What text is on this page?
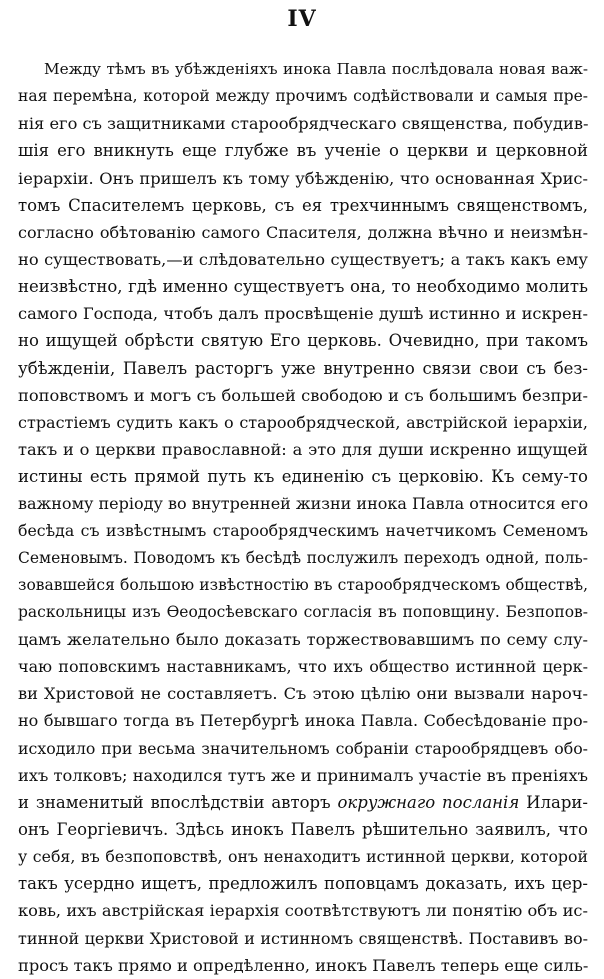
IV
Между тѣмъ въ убѣжденіяхъ инока Павла послѣдовала новая важ-
ная перемѣна, которой между прочимъ содѣйствовали и самыя пре-
нія его съ защитниками старообрядческаго священства, побудив-
шія его вникнуть еще глубже въ ученіе о церкви и церковной
іерархіи. Онъ пришелъ къ тому убѣжденію, что основанная Хрис-
томъ Спасителемъ церковь, съ ея трехчиннымъ священствомъ,
согласно обѣтованію самого Спасителя, должна вѣчно и неизмѣн-
но существовать,—и слѣдовательно существуетъ; а такъ какъ ему
неизвѣстно, гдѣ именно существуетъ она, то необходимо молить
самого Господа, чтобъ далъ просвѣщеніе душѣ истинно и искрен-
но ищущей обрѣсти святую Его церковь. Очевидно, при такомъ
убѣжденіи, Павелъ расторгъ уже внутренно связи свои съ без-
поповствомъ и могъ съ большей свободою и съ большимъ безпри-
страстіемъ судить какъ о старообрядческой, австрійской іерархіи,
такъ и о церкви православной: а это для души искренно ищущей
истины есть прямой путь къ единенію съ церковію. Къ сему-то
важному періоду во внутренней жизни инока Павла относится его
бесѣда съ извѣстнымъ старообрядческимъ начетчикомъ Семеномъ
Семеновымъ. Поводомъ къ бесѣдѣ послужилъ переходъ одной, поль-
зовавшейся большою извѣстностію въ старообрядческомъ обществѣ,
раскольницы изъ Ѳеодосѣевскаго согласія въ поповщину. Безпопов-
цамъ желательно было доказать торжествовавшимъ по сему слу-
чаю поповскимъ наставникамъ, что ихъ общество истинной церк-
ви Христовой не составляетъ. Съ этою цѣлію они вызвали нароч-
но бывшаго тогда въ Петербургѣ инока Павла. Собесѣдованіе про-
исходило при весьма значительномъ собраніи старообрядцевъ обо-
ихъ толковъ; находился тутъ же и принималъ участіе въ преніяхъ
и знаменитый впослѣдствіи авторъ окружнаго посланія Илари-
онъ Георгіевичъ. Здѣсь инокъ Павелъ рѣшительно заявилъ, что
у себя, въ безпоповствѣ, онъ ненаходитъ истинной церкви, которой
такъ усердно ищетъ, предложилъ поповцамъ доказать, ихъ цер-
ковь, ихъ австрійская іерархія соотвѣтствуютъ ли понятію объ ис-
тинной церкви Христовой и истинномъ священствѣ. Поставивъ во-
просъ такъ прямо и опредѣленно, инокъ Павелъ теперь еще силь-
